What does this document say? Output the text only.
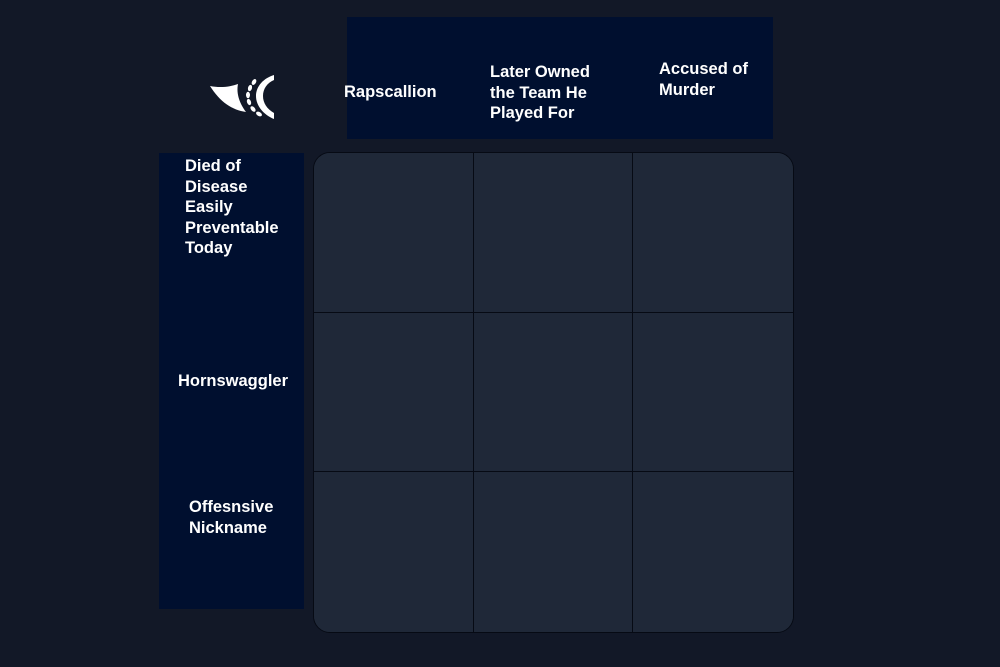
Rapscallion
Later Owned the Team He Played For
Accused of Murder
Died of Disease Easily Preventable Today
Hornswaggler
Offesnsive Nickname
